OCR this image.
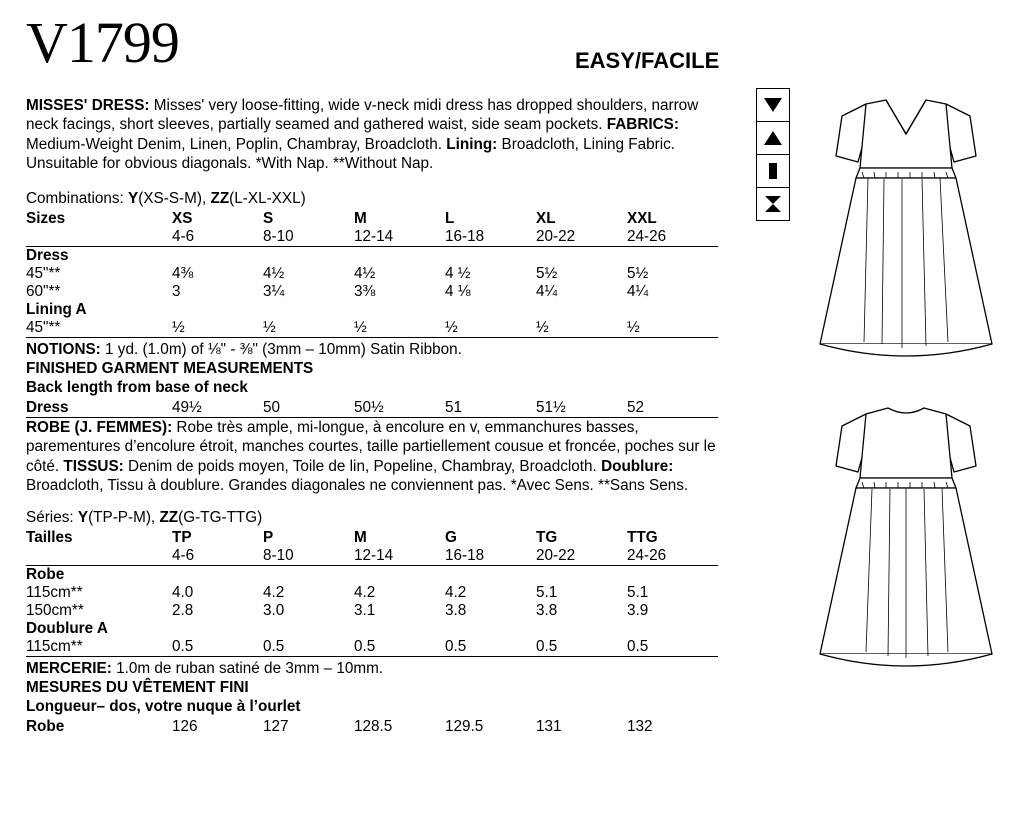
V1799	EASY/FACILE

MISSES' DRESS: Misses' very loose-fitting, wide v-neck midi dress has dropped shoulders, narrow neck facings, short sleeves, partially seamed and gathered waist, side seam pockets. FABRICS: Medium-Weight Denim, Linen, Poplin, Chambray, Broadcloth. Lining: Broadcloth, Lining Fabric. Unsuitable for obvious diagonals. *With Nap. **Without Nap.

Combinations: Y(XS-S-M), ZZ(L-XL-XXL)
Sizes	XS	S	M	L	XL	XXL
	4-6	8-10	12-14	16-18	20-22	24-26

Dress						
45"**	4⅜	4½	4½	4 ½	5½	5½
60"**	3	3¼	3⅜	4 ⅛	4¼	4¼
Lining A						
45"**	½	½	½	½	½	½

NOTIONS: 1 yd. (1.0m) of ⅛" - ⅜" (3mm – 10mm) Satin Ribbon.
FINISHED GARMENT MEASUREMENTS
Back length from base of neck
Dress	49½	50	50½	51	51½	52

ROBE (J. FEMMES): Robe très ample, mi-longue, à encolure en v, emmanchures basses, parementures d’encolure étroit, manches courtes, taille partiellement cousue et froncée, poches sur le côté. TISSUS: Denim de poids moyen, Toile de lin, Popeline, Chambray, Broadcloth. Doublure: Broadcloth, Tissu à doublure. Grandes diagonales ne conviennent pas. *Avec Sens. **Sans Sens.

Séries: Y(TP-P-M), ZZ(G-TG-TTG)
Tailles	TP	P	M	G	TG	TTG
	4-6	8-10	12-14	16-18	20-22	24-26

Robe						
115cm**	4.0	4.2	4.2	4.2	5.1	5.1
150cm**	2.8	3.0	3.1	3.8	3.8	3.9
Doublure A						
115cm**	0.5	0.5	0.5	0.5	0.5	0.5

MERCERIE: 1.0m de ruban satiné de 3mm – 10mm.
MESURES DU VÊTEMENT FINI
Longueur– dos, votre nuque à l’ourlet
Robe	126	127	128.5	129.5	131	132
